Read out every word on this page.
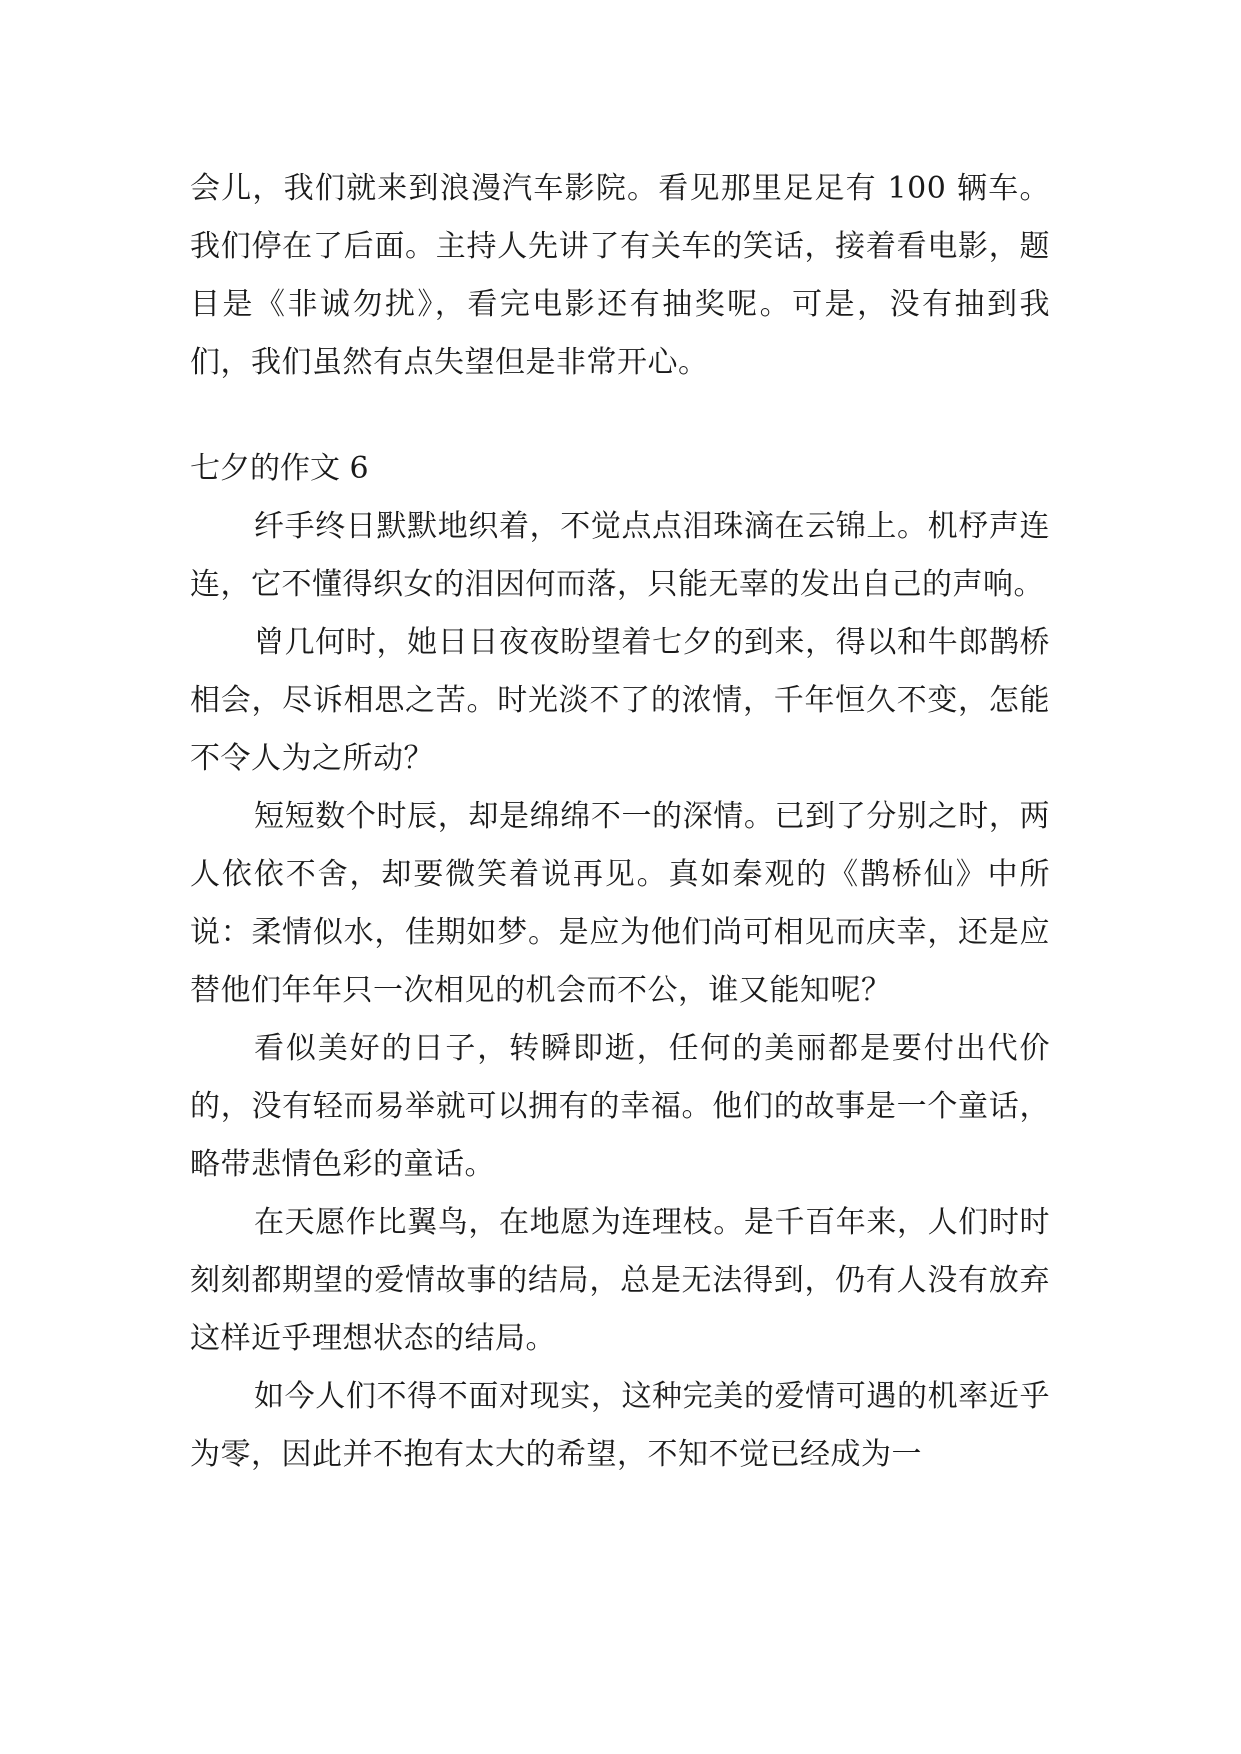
会儿，我们就来到浪漫汽车影院。看见那里足足有 100 辆车。我们停在了后面。主持人先讲了有关车的笑话，接着看电影，题目是《非诚勿扰》，看完电影还有抽奖呢。可是，没有抽到我们，我们虽然有点失望但是非常开心。

七夕的作文 6

纤手终日默默地织着，不觉点点泪珠滴在云锦上。机杼声连连，它不懂得织女的泪因何而落，只能无辜的发出自己的声响。

曾几何时，她日日夜夜盼望着七夕的到来，得以和牛郎鹊桥相会，尽诉相思之苦。时光淡不了的浓情，千年恒久不变，怎能不令人为之所动？

短短数个时辰，却是绵绵不一的深情。已到了分别之时，两人依依不舍，却要微笑着说再见。真如秦观的《鹊桥仙》中所说：柔情似水，佳期如梦。是应为他们尚可相见而庆幸，还是应替他们年年只一次相见的机会而不公，谁又能知呢？

看似美好的日子，转瞬即逝，任何的美丽都是要付出代价的，没有轻而易举就可以拥有的幸福。他们的故事是一个童话，略带悲情色彩的童话。

在天愿作比翼鸟，在地愿为连理枝。是千百年来，人们时时刻刻都期望的爱情故事的结局，总是无法得到，仍有人没有放弃这样近乎理想状态的结局。

如今人们不得不面对现实，这种完美的爱情可遇的机率近乎为零，因此并不抱有太大的希望，不知不觉已经成为一
